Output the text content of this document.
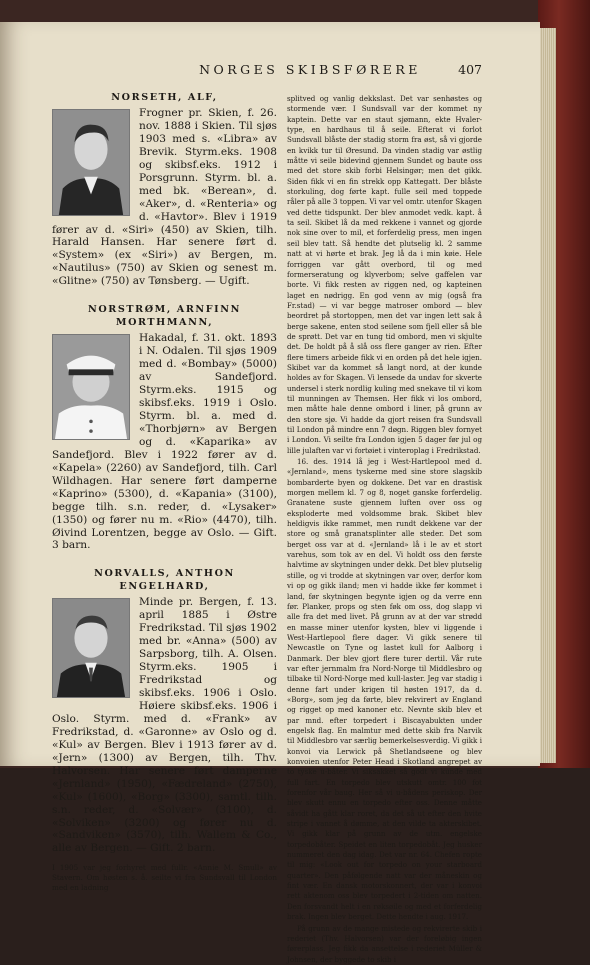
NORGES SKIBSFØRERE	407
NORSETH, ALF,
Frogner pr. Skien, f. 26. nov. 1888 i Skien. Til sjøs 1903 med s. «Libra» av Brevik. Styrm.eks. 1908 og skibsf.eks. 1912 i Porsgrunn. Styrm. bl. a. med bk. «Berean», d. «Aker», d. «Renteria» og d. «Havtor». Blev i 1919 fører av d. «Siri» (450) av Skien, tilh. Harald Hansen. Har senere ført d. «System» (ex «Siri») av Bergen, m. «Nautilus» (750) av Skien og senest m. «Glitne» (750) av Tønsberg. — Ugift.
NORSTRØM, ARNFINN MORTHMANN,
Hakadal, f. 31. okt. 1893 i N. Odalen. Til sjøs 1909 med d. «Bombay» (5000) av Sandefjord. Styrm.eks. 1915 og skibsf.eks. 1919 i Oslo. Styrm. bl. a. med d. «Thorbjørn» av Bergen og d. «Kaparika» av Sandefjord. Blev i 1922 fører av d. «Kapela» (2260) av Sandefjord, tilh. Carl Wildhagen. Har senere ført damperne «Kaprino» (5300), d. «Kapania» (3100), begge tilh. s.n. reder, d. «Lysaker» (1350) og fører nu m. «Rio» (4470), tilh. Øivind Lorentzen, begge av Oslo. — Gift. 3 barn.
NORVALLS, ANTHON ENGELHARD,
Minde pr. Bergen, f. 13. april 1885 i Østre Fredrikstad. Til sjøs 1902 med br. «Anna» (500) av Sarpsborg, tilh. A. Olsen. Styrm.eks. 1905 i Fredrikstad og skibsf.eks. 1906 i Oslo. Høiere skibsf.eks. 1906 i Oslo. Styrm. med d. «Frank» av Fredrikstad, d. «Garonne» av Oslo og d. «Kul» av Bergen. Blev i 1913 fører av d. «Jern» (1300) av Bergen, tilh. Thv. Halvorsen. Har senere ført damperne «Jernland» (1950), «Fædreland» (2750), «Kul» (1600), «Borg» (3300), samtl. tilh. s.n. reder, d. «Solvær» (3100), d. «Solviken» (3200) og fører nu d. «Sandviken» (3570), tilh. Wallem & Co., alle av Bergen. — Gift. 2 barn.
I 1905 var jeg forhyret med fullr. «Annie M. Smull» av Stavern. Om høsten s. å. seilte vi fra Sundsvall til London med en ladning

splitved og vanlig dekkslast. Det var senhøstes og stormende vær. I Sundsvall var der kommet ny kaptein. Dette var en staut sjømann, ekte Hvaler-type, en hardhaus til å seile. Efterat vi forlot Sundsvall blåste der stadig storm fra øst, så vi gjorde en kvikk tur til Øresund. Da vinden stadig var østlig måtte vi seile bidevind gjennem Sundet og baute oss med det store skib forbi Helsingør; men det gikk. Siden fikk vi en fin strekk opp Kattegatt. Der blåste storkuling, dog førte kapt. fulle seil med toppede råler på alle 3 toppen. Vi var vel omtr. utenfor Skagen ved dette tidspunkt. Der blev anmodet vedk. kapt. å ta seil. Skibet lå da med rekkene i vannet og gjorde nok sine over to mil, et forferdelig press, men ingen seil blev tatt. Så hendte det plutselig kl. 2 samme natt at vi hørte et brak. Jeg lå da i min køie. Hele forriggen var gått overbord, til og med formerseratung og klyverbom; selve gaffelen var borte. Vi fikk resten av riggen ned, og kapteinen laget en nødrigg. En god venn av mig (også fra Fr.stad) — vi var begge matroser ombord — blev beordret på stortoppen, men det var ingen lett sak å berge sakene, enten stod seilene som fjell eller så ble de sprøtt. Det var en tung tid ombord, men vi skjulte det. De holdt på å slå oss flere ganger av rien. Efter flere timers arbeide fikk vi en orden på det hele igjen. Skibet var da kommet så langt nord, at der kunde holdes av for Skagen. Vi lensede da undav for skverte undersel i sterk nordlig kuling med snekave til vi kom til munningen av Themsen. Her fikk vi los ombord, men måtte hale denne ombord i liner, på grunn av den store sjø. Vi hadde da gjort reisen fra Sundsvall til London på mindre enn 7 døgn. Riggen blev fornyet i London. Vi seilte fra London igjen 5 dager før jul og lille julaften var vi fortøiet i vinteroplag i Fredrikstad.

16. des. 1914 lå jeg i West-Hartlepool med d. «Jernland», mens tyskerne med sine store slagskib bombarderte byen og dokkene. Det var en drastisk morgen mellem kl. 7 og 8, noget ganske forferdelig. Granatene suste gjennem luften over oss og eksploderte med voldsomme brak. Skibet blev heldigvis ikke rammet, men rundt dekkene var der store og små granatsplinter alle steder. Det som berget oss var at d. «Jernland» lå i le av et stort varehus, som tok av en del. Vi holdt oss den første halvtime av skytningen under dekk. Det blev plutselig stille, og vi trodde at skytningen var over, derfor kom vi op og gikk iland; men vi hadde ikke før kommet i land, før skytningen begynte igjen og da verre enn før. Planker, props og sten føk om oss, dog slapp vi alle fra det med livet. På grunn av at der var strødd en masse miner utenfor kysten, blev vi liggende i West-Hartlepool flere dager. Vi gikk senere til Newcastle on Tyne og lastet kull for Aalborg i Danmark. Der blev gjort flere turer dertil. Vår rute var efter jernmalm fra Nord-Norge til Middlesbro og tilbake til Nord-Norge med kull-laster. Jeg var stadig i denne fart under krigen til høsten 1917, da d. «Borg», som jeg da førte, blev rekvirert av England og rigget op med kanoner etc. Nevnte skib blev et par mnd. efter torpedert i Biscayabukten under engelsk flag. En malmtur med dette skib fra Narvik til Middlesbro var særlig bemerkelsesverdig. Vi gikk i konvoi via Lerwick på Shetlandsøene og blev konvoien utenfor Peter Head i Skotland angrepet av to tyske u-båter. Vi siksakket så godt vi kunde med full fart. En torpedo blev utskutt omtr. 100 fot forenfor vår baug. Her så vi u-bådens periskop. Der blev skutt ennu en torpedo efter oss. Denne måtte såvidt ha gått klar roret, da det så ut efter den hvite stripe i vannet å dømme, at den vilde ta akterskibet. Vi gikk klar på grunn av de utm. engelske torpedobåter. Speidet en liten torpedobåt. Jeg husker nummeret den dag idag. Det var nr. 64. Chefen ropte til mig: «Look out for torpedo on your starboard quarter». Den påfølgende natt var der måneskin og fint vær. En dansk motorskonnert, der var i konvoi rett aktenom oss blev torpedert i 2-tiden om natten. Den forsvandt helt i en røksøile og med et forferdelig brak. Ingen blev berget. Dette hendte i aug. 1917.

På grunn av de mange mistede og rekvirerte skib i rederiet (Thv. Halvorsen) var der foreløbig ingen førerplass. Jeg fikk da ansettelse i rederiet Müller & Johnsen, der byggede to skib i
